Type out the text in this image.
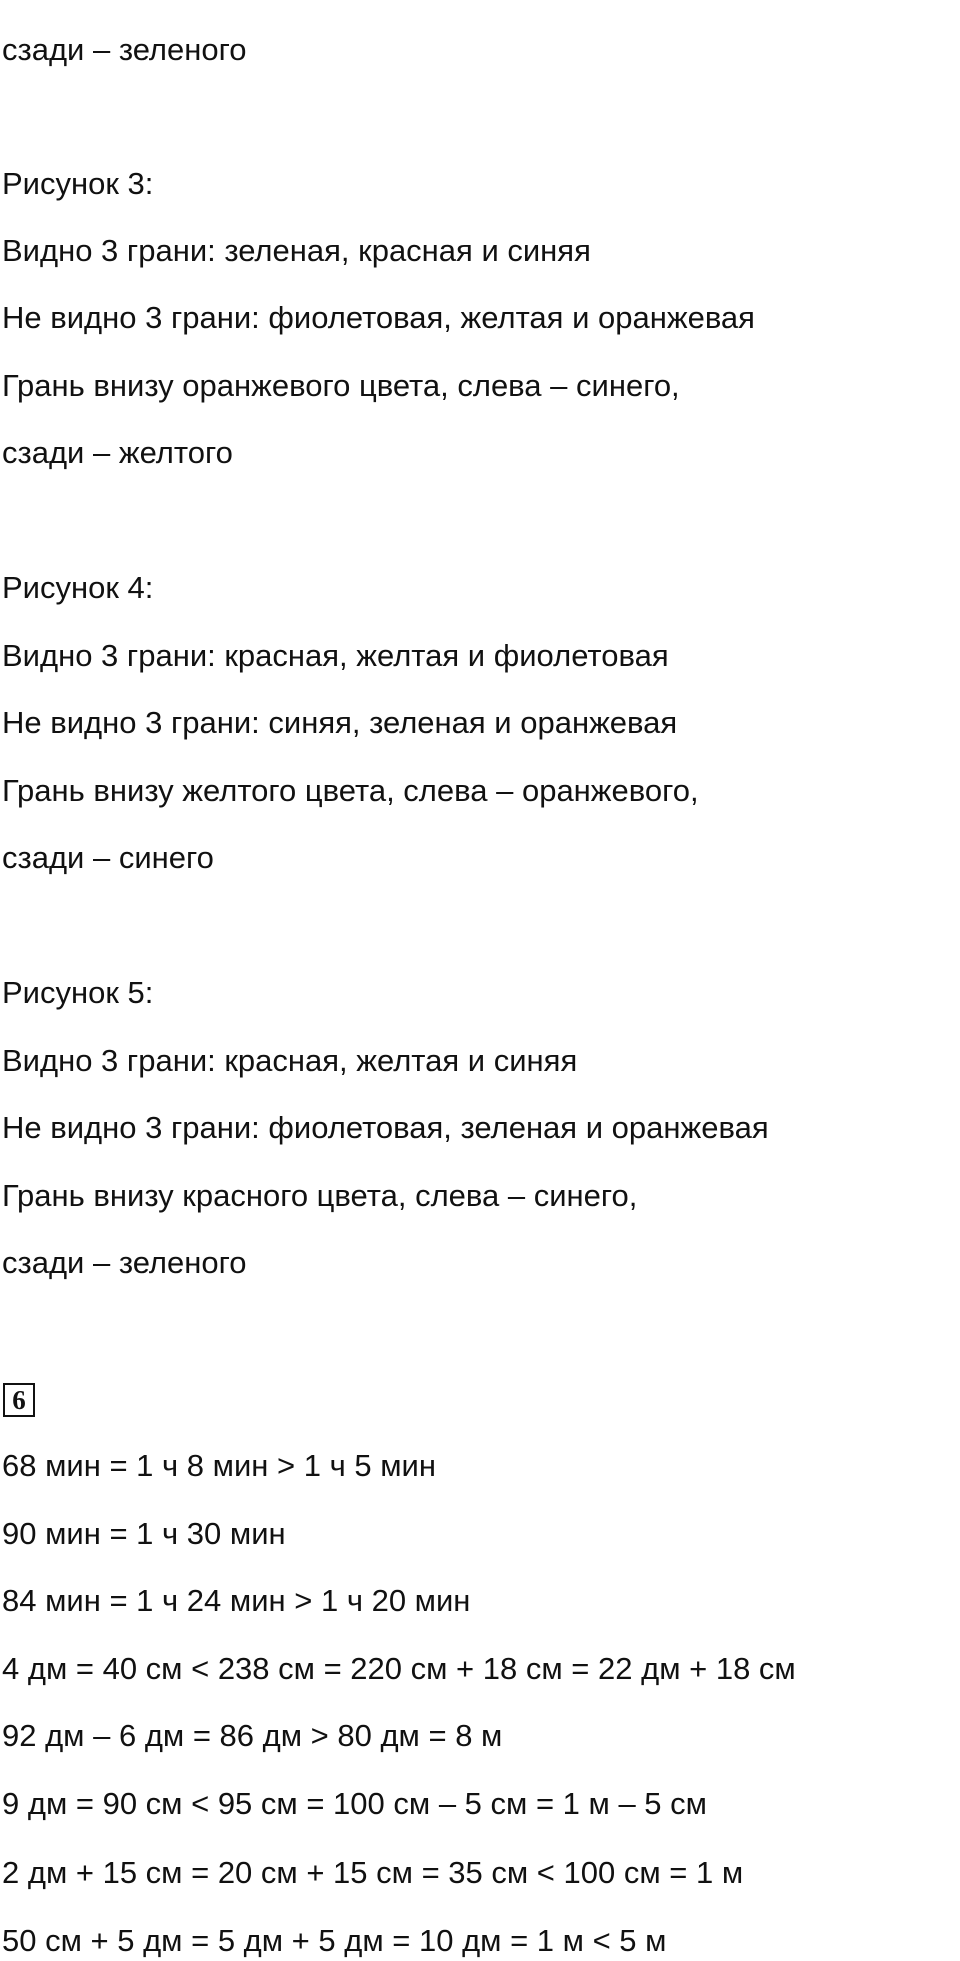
сзади – зеленого
Рисунок 3:
Видно 3 грани: зеленая, красная и синяя
Не видно 3 грани: фиолетовая, желтая и оранжевая
Грань внизу оранжевого цвета, слева – синего,
сзади – желтого
Рисунок 4:
Видно 3 грани: красная, желтая и фиолетовая
Не видно 3 грани: синяя, зеленая и оранжевая
Грань внизу желтого цвета, слева – оранжевого,
сзади – синего
Рисунок 5:
Видно 3 грани: красная, желтая и синяя
Не видно 3 грани: фиолетовая, зеленая и оранжевая
Грань внизу красного цвета, слева – синего,
сзади – зеленого
6
68 мин = 1 ч 8 мин > 1 ч 5 мин
90 мин = 1 ч 30 мин
84 мин = 1 ч 24 мин > 1 ч 20 мин
4 дм = 40 см < 238 см = 220 см + 18 см = 22 дм + 18 см
92 дм – 6 дм = 86 дм > 80 дм = 8 м
9 дм = 90 см < 95 см = 100 см – 5 см = 1 м – 5 см
2 дм + 15 см = 20 см + 15 см = 35 см < 100 см = 1 м
50 см + 5 дм = 5 дм + 5 дм = 10 дм = 1 м < 5 м
